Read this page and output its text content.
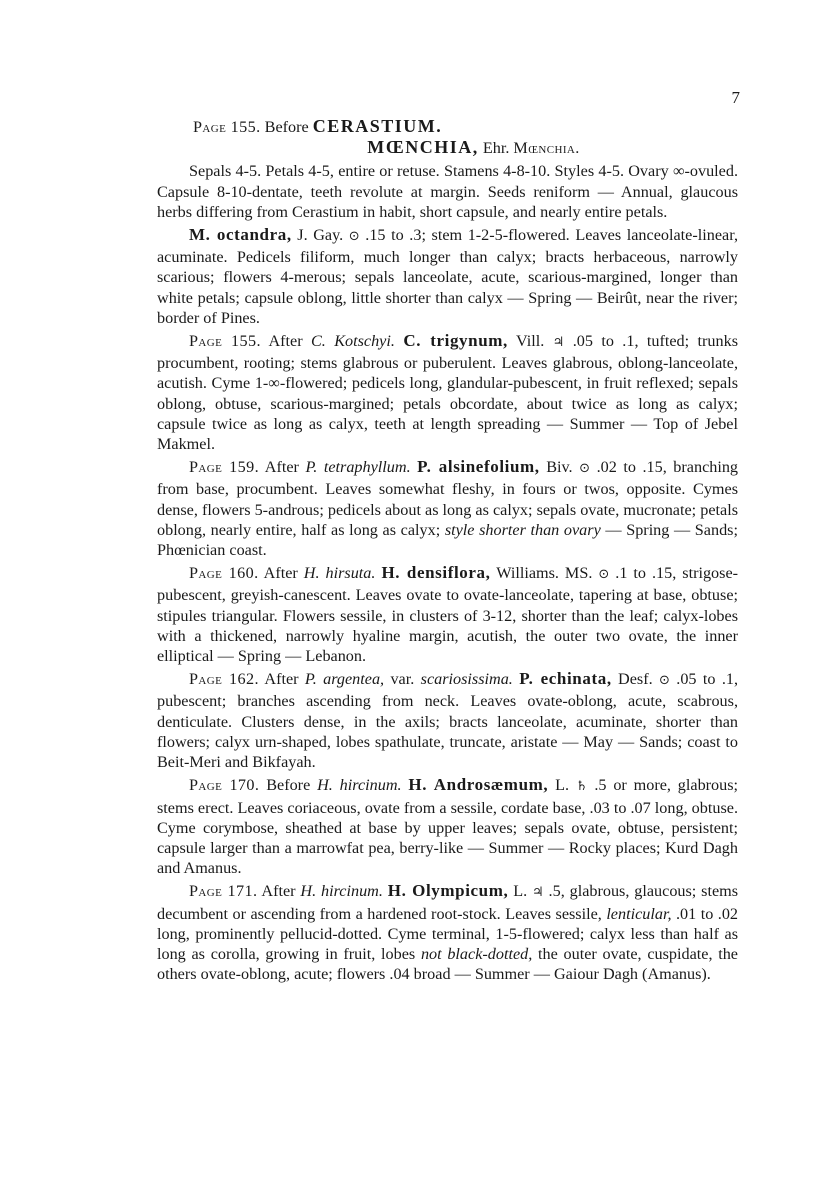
7

Page 155. Before CERASTIUM.

MŒNCHIA, Ehr. Mœnchia.

Sepals 4-5. Petals 4-5, entire or retuse. Stamens 4-8-10. Styles 4-5. Ovary ∞-ovuled. Capsule 8-10-dentate, teeth revolute at margin. Seeds reniform — Annual, glaucous herbs differing from Cerastium in habit, short capsule, and nearly entire petals.

M. octandra, J. Gay. ⊙ .15 to .3; stem 1-2-5-flowered. Leaves lanceolate-linear, acuminate. Pedicels filiform, much longer than calyx; bracts herbaceous, narrowly scarious; flowers 4-merous; sepals lanceolate, acute, scarious-margined, longer than white petals; capsule oblong, little shorter than calyx — Spring — Beirût, near the river; border of Pines.

Page 155. After C. Kotschyi. C. trigynum, Vill. ♃ .05 to .1, tufted; trunks procumbent, rooting; stems glabrous or puberulent. Leaves glabrous, oblong-lanceolate, acutish. Cyme 1-∞-flowered; pedicels long, glandular-pubescent, in fruit reflexed; sepals oblong, obtuse, scarious-margined; petals obcordate, about twice as long as calyx; capsule twice as long as calyx, teeth at length spreading — Summer — Top of Jebel Makmel.

Page 159. After P. tetraphyllum. P. alsinefolium, Biv. ⊙ .02 to .15, branching from base, procumbent. Leaves somewhat fleshy, in fours or twos, opposite. Cymes dense, flowers 5-androus; pedicels about as long as calyx; sepals ovate, mucronate; petals oblong, nearly entire, half as long as calyx; style shorter than ovary — Spring — Sands; Phœnician coast.

Page 160. After H. hirsuta. H. densiflora, Williams. MS. ⊙ .1 to .15, strigose-pubescent, greyish-canescent. Leaves ovate to ovate-lanceolate, tapering at base, obtuse; stipules triangular. Flowers sessile, in clusters of 3-12, shorter than the leaf; calyx-lobes with a thickened, narrowly hyaline margin, acutish, the outer two ovate, the inner elliptical — Spring — Lebanon.

Page 162. After P. argentea, var. scariosissima. P. echinata, Desf. ⊙ .05 to .1, pubescent; branches ascending from neck. Leaves ovate-oblong, acute, scabrous, denticulate. Clusters dense, in the axils; bracts lanceolate, acuminate, shorter than flowers; calyx urn-shaped, lobes spathulate, truncate, aristate — May — Sands; coast to Beit-Meri and Bikfayah.

Page 170. Before H. hircinum. H. Androsæmum, L. ♄ .5 or more, glabrous; stems erect. Leaves coriaceous, ovate from a sessile, cordate base, .03 to .07 long, obtuse. Cyme corymbose, sheathed at base by upper leaves; sepals ovate, obtuse, persistent; capsule larger than a marrowfat pea, berry-like — Summer — Rocky places; Kurd Dagh and Amanus.

Page 171. After H. hircinum. H. Olympicum, L. ♃ .5, glabrous, glaucous; stems decumbent or ascending from a hardened root-stock. Leaves sessile, lenticular, .01 to .02 long, prominently pellucid-dotted. Cyme terminal, 1-5-flowered; calyx less than half as long as corolla, growing in fruit, lobes not black-dotted, the outer ovate, cuspidate, the others ovate-oblong, acute; flowers .04 broad — Summer — Gaiour Dagh (Amanus).
